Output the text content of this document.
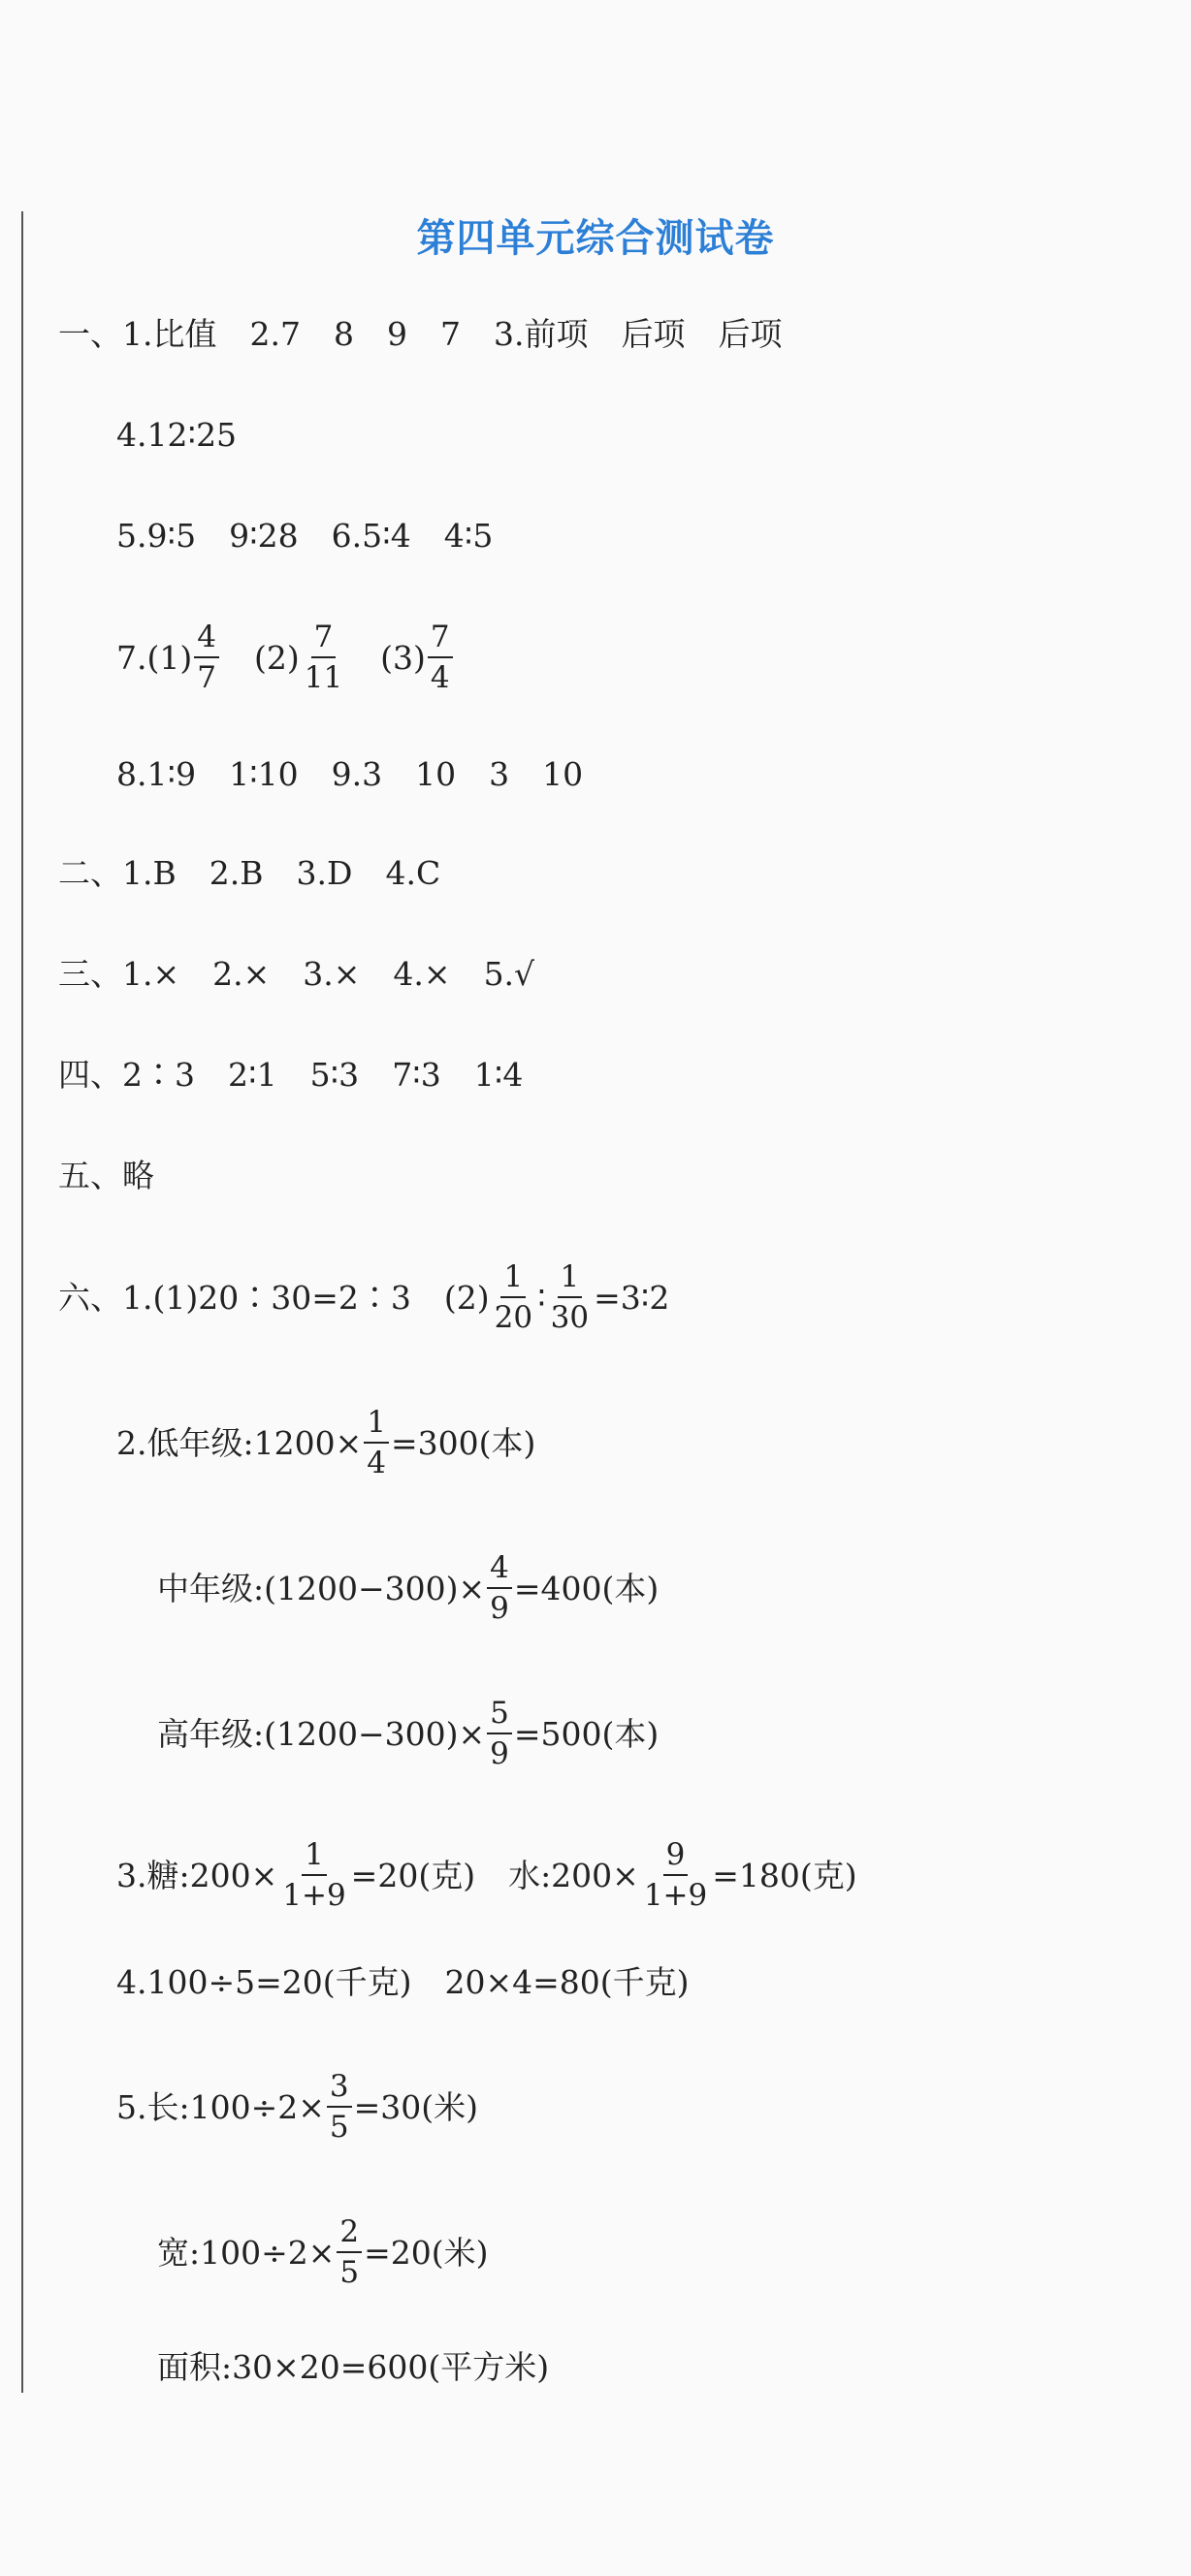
第四单元综合测试卷
一、1.比值 2.7 8 9 7 3.前项 后项 后项
4.12∶25
5.9∶5 9∶28 6.5∶4 4∶5
$7.(1) \frac{4}{7} (2) \frac{7}{11} (3) \frac{7}{4}$
8.1∶9 1∶10 9.3 10 3 10
二、1.B 2.B 3.D 4.C
三、1.× 2.× 3.× 4.× 5.√
四、2∶3 2∶1 5∶3 7∶3 1∶4
五、略
六、1.(1)20∶30=2∶3 $(2) \frac{1}{20}$ ∶ $\frac{1}{30}$ =3∶2
2.低年级:1200× $\frac{1}{4} =300$(本)
中年级:(1200−300)× $\frac{4}{9} =400$(本)
高年级:(1200−300)× $\frac{5}{9} =500$(本)
3.糖:200× $\frac{1}{1+9} =20$(克) 水:200× $\frac{9}{1+9} =180$(克)
4.100÷5=20(千克) 20×4=80(千克)
5.长:100÷2× $\frac{3}{5} =30$(米)
宽:100÷2× $\frac{2}{5} =20$(米)
面积:30×20=600(平方米)
